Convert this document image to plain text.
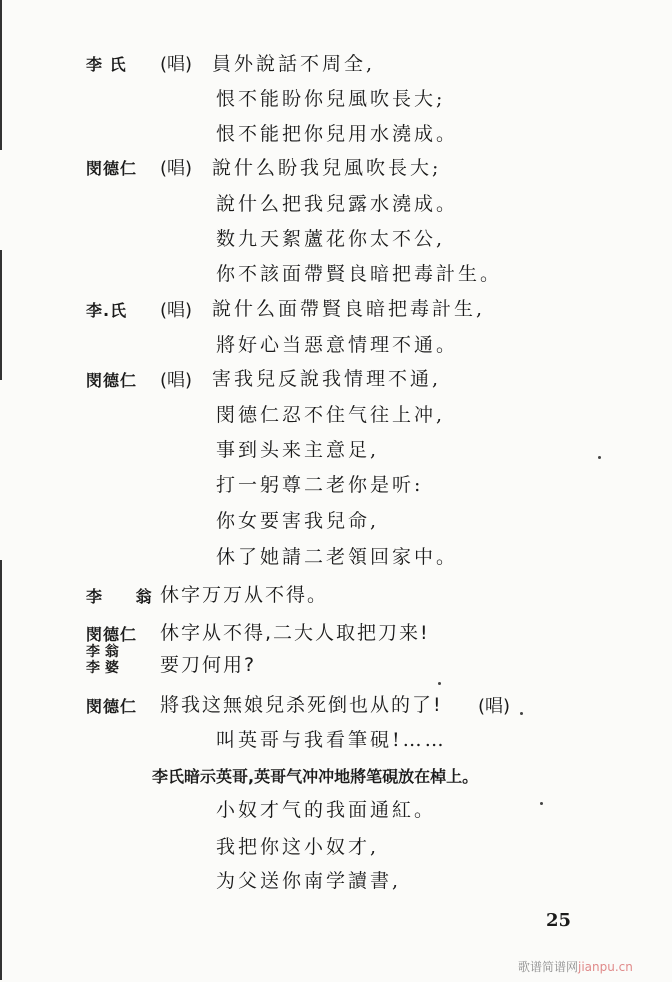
李 氏 (唱) 員外說話不周全,
恨不能盼你兒風吹長大;
恨不能把你兒用水澆成。
閔德仁 (唱) 說什么盼我兒風吹長大;
說什么把我兒露水澆成。
数九天絮蘆花你太不公,
你不該面帶賢良暗把毒計生。
李.氏 (唱) 說什么面帶賢良暗把毒計生,
將好心当惡意情理不通。
閔德仁 (唱) 害我兒反說我情理不通,
閔德仁忍不住气往上冲,
事到头来主意足,
打一躬尊二老你是听:
你女要害我兒命,
休了她請二老領回家中。
李 翁
休字万万从不得。
閔德仁 休字从不得,二大人取把刀来!
李 翁
李 婆 要刀何用?
閔德仁 將我这無娘兒杀死倒也从的了! (唱)
叫英哥与我看筆硯!……
李氏暗示英哥,英哥气冲冲地將笔硯放在棹上。
小奴才气的我面通紅。
我把你这小奴才,
为父送你南学讀書,
25
歌谱简谱网jianpu.cn
